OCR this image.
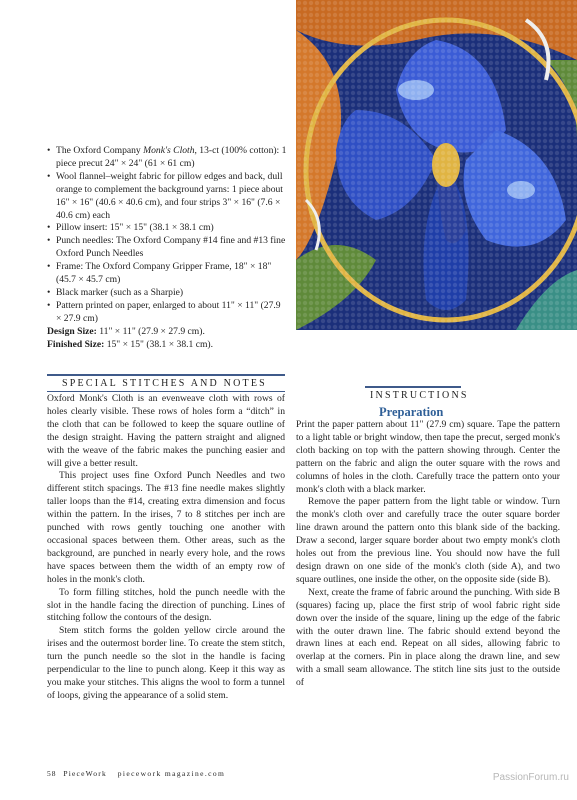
• The Oxford Company Monk's Cloth, 13-ct (100% cotton): 1 piece precut 24" × 24" (61 × 61 cm)
• Wool flannel–weight fabric for pillow edges and back, dull orange to complement the background yarns: 1 piece about 16" × 16" (40.6 × 40.6 cm), and four strips 3" × 16" (7.6 × 40.6 cm) each
• Pillow insert: 15" × 15" (38.1 × 38.1 cm)
• Punch needles: The Oxford Company #14 fine and #13 fine Oxford Punch Needles
• Frame: The Oxford Company Gripper Frame, 18" × 18" (45.7 × 45.7 cm)
• Black marker (such as a Sharpie)
• Pattern printed on paper, enlarged to about 11" × 11" (27.9 × 27.9 cm)
Design Size: 11" × 11" (27.9 × 27.9 cm).
Finished Size: 15" × 15" (38.1 × 38.1 cm).
SPECIAL STITCHES AND NOTES

Oxford Monk's Cloth is an evenweave cloth with rows of holes clearly visible. These rows of holes form a “ditch” in the cloth that can be followed to keep the square outline of the design straight. Having the pattern straight and aligned with the weave of the fabric makes the punching easier and will give a better result.

This project uses fine Oxford Punch Needles and two different stitch spacings. The #13 fine needle makes slightly taller loops than the #14, creating extra dimension and focus within the pattern. In the irises, 7 to 8 stitches per inch are punched with rows gently touching one another with occasional spaces between them. Other areas, such as the background, are punched in nearly every hole, and the rows have spaces between them the width of an empty row of holes in the monk's cloth.

To form filling stitches, hold the punch needle with the slot in the handle facing the direction of punching. Lines of stitching follow the contours of the design.

Stem stitch forms the golden yellow circle around the irises and the outermost border line. To create the stem stitch, turn the punch needle so the slot in the handle is facing perpendicular to the line to punch along. Keep it this way as you make your stitches. This aligns the wool to form a tunnel of loops, giving the appearance of a solid stem.

INSTRUCTIONS
Preparation

Print the paper pattern about 11" (27.9 cm) square. Tape the pattern to a light table or bright window, then tape the precut, serged monk's cloth backing on top with the pattern showing through. Center the pattern on the fabric and align the outer square with the rows and columns of holes in the cloth. Carefully trace the pattern onto your monk's cloth with a black marker.

Remove the paper pattern from the light table or window. Turn the monk's cloth over and carefully trace the outer square border line drawn around the pattern onto this blank side of the backing. Draw a second, larger square border about two empty monk's cloth holes out from the previous line. You should now have the full design drawn on one side of the monk's cloth (side A), and two square outlines, one inside the other, on the opposite side (side B).

Next, create the frame of fabric around the punching. With side B (squares) facing up, place the first strip of wool fabric right side down over the inside of the square, lining up the edge of the fabric with the outer drawn line. The fabric should extend beyond the drawn lines at each end. Repeat on all sides, allowing fabric to overlap at the corners. Pin in place along the drawn line, and sew with a small seam allowance. The stitch line sits just to the outside of

58 PieceWork piecework magazine.com	PassionForum.ru
